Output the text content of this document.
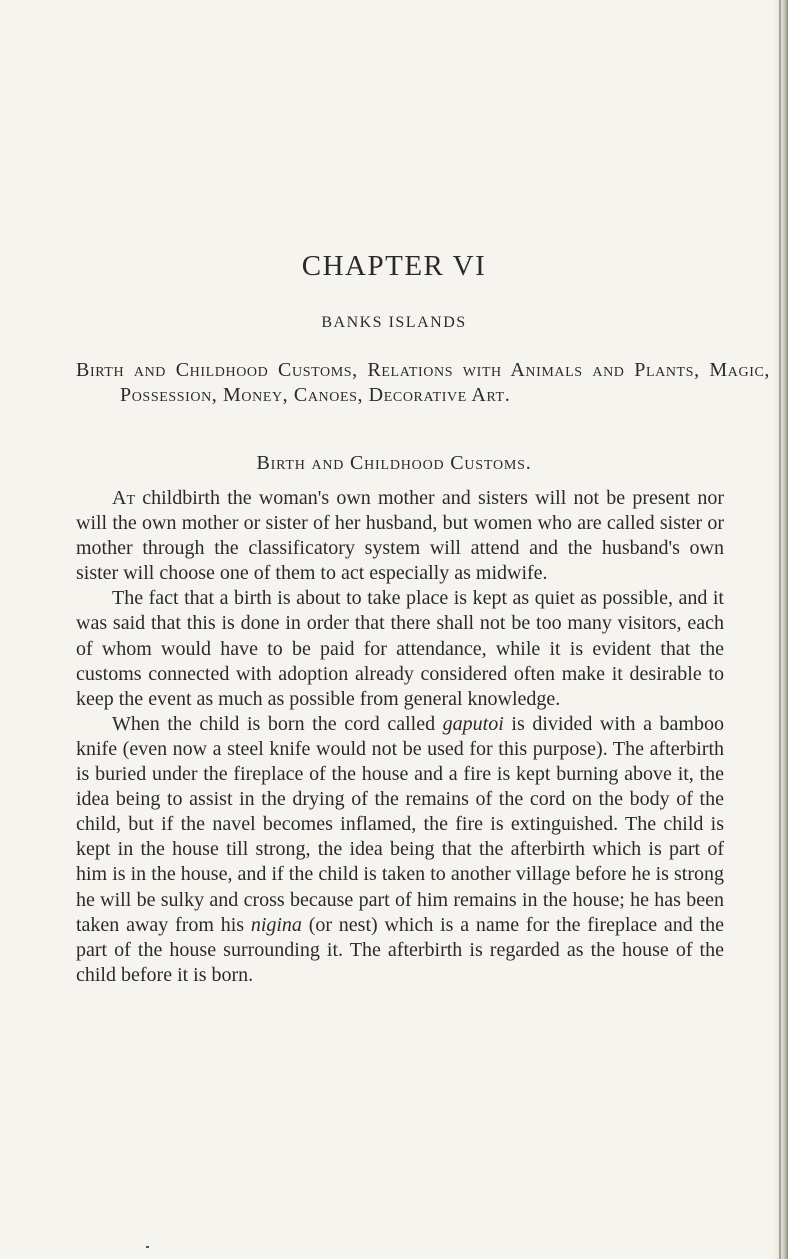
CHAPTER VI
BANKS ISLANDS

Birth and Childhood Customs, Relations with Animals and Plants, Magic, Possession, Money, Canoes, Decorative Art.

Birth and Childhood Customs.

At childbirth the woman's own mother and sisters will not be present nor will the own mother or sister of her husband, but women who are called sister or mother through the classificatory system will attend and the husband's own sister will choose one of them to act especially as midwife.

The fact that a birth is about to take place is kept as quiet as possible, and it was said that this is done in order that there shall not be too many visitors, each of whom would have to be paid for attendance, while it is evident that the customs connected with adoption already considered often make it desirable to keep the event as much as possible from general knowledge.

When the child is born the cord called gaputoi is divided with a bamboo knife (even now a steel knife would not be used for this purpose). The afterbirth is buried under the fireplace of the house and a fire is kept burning above it, the idea being to assist in the drying of the remains of the cord on the body of the child, but if the navel becomes inflamed, the fire is extinguished. The child is kept in the house till strong, the idea being that the afterbirth which is part of him is in the house, and if the child is taken to another village before he is strong he will be sulky and cross because part of him remains in the house; he has been taken away from his nigina (or nest) which is a name for the fireplace and the part of the house surrounding it. The afterbirth is regarded as the house of the child before it is born.
